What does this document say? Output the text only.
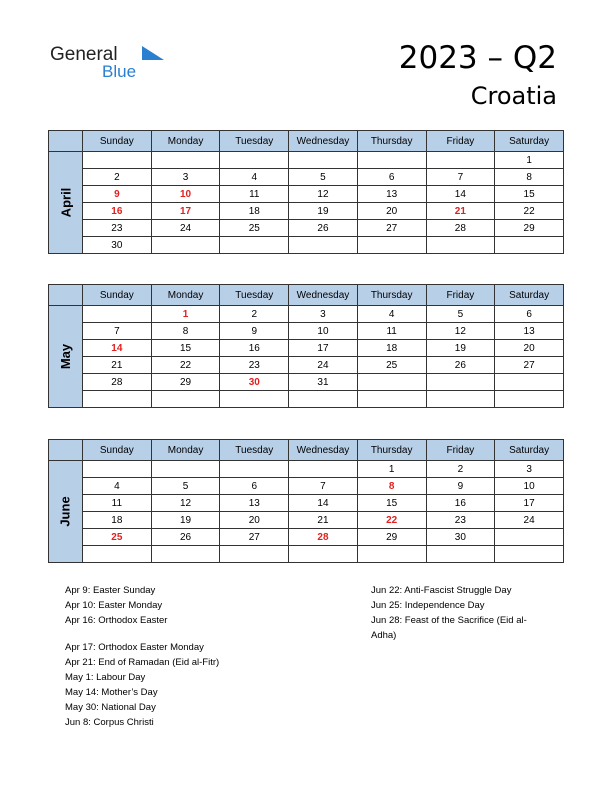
General
Blue	2023 – Q2
Croatia
	Sunday	Monday	Tuesday	Wednesday	Thursday	Friday	Saturday
April							1
	2	3	4	5	6	7	8
	9	10	11	12	13	14	15
	16	17	18	19	20	21	22
	23	24	25	26	27	28	29
	30						
	Sunday	Monday	Tuesday	Wednesday	Thursday	Friday	Saturday
May		1	2	3	4	5	6
	7	8	9	10	11	12	13
	14	15	16	17	18	19	20
	21	22	23	24	25	26	27
	28	29	30	31			

	Sunday	Monday	Tuesday	Wednesday	Thursday	Friday	Saturday
June					1	2	3
	4	5	6	7	8	9	10
	11	12	13	14	15	16	17
	18	19	20	21	22	23	24
	25	26	27	28	29	30	

Apr 9: Easter Sunday
Apr 10: Easter Monday
Apr 16: Orthodox Easter
Apr 17: Orthodox Easter Monday
Apr 21: End of Ramadan (Eid al-Fitr)
May 1: Labour Day
May 14: Mother’s Day
May 30: National Day
Jun 8: Corpus Christi
Jun 22: Anti-Fascist Struggle Day
Jun 25: Independence Day
Jun 28: Feast of the Sacrifice (Eid al-
Adha)
